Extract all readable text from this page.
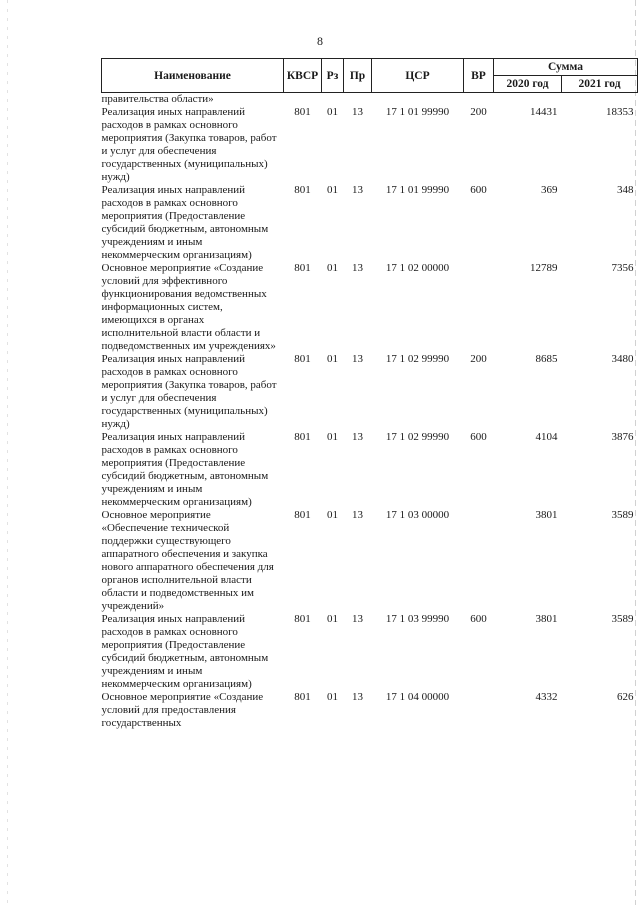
8
Наименование	КВСР	Рз	Пр	ЦСР	ВР	Сумма	
						2020 год	2021 год
правительства области»							
Реализация иных направлений расходов в рамках основного мероприятия (Закупка товаров, работ и услуг для обеспечения государственных (муниципальных) нужд)	801	01	13	17 1 01 99990	200	14431	18353
Реализация иных направлений расходов в рамках основного мероприятия (Предоставление субсидий бюджетным, автономным учреждениям и иным некоммерческим организациям)	801	01	13	17 1 01 99990	600	369	348
Основное мероприятие «Создание условий для эффективного функционирования ведомственных информационных систем, имеющихся в органах исполнительной власти области и подведомственных им учреждениях»	801	01	13	17 1 02 00000		12789	7356
Реализация иных направлений расходов в рамках основного мероприятия (Закупка товаров, работ и услуг для обеспечения государственных (муниципальных) нужд)	801	01	13	17 1 02 99990	200	8685	3480
Реализация иных направлений расходов в рамках основного мероприятия (Предоставление субсидий бюджетным, автономным учреждениям и иным некоммерческим организациям)	801	01	13	17 1 02 99990	600	4104	3876
Основное мероприятие «Обеспечение технической поддержки существующего аппаратного обеспечения и закупка нового аппаратного обеспечения для органов исполнительной власти области и подведомственных им учреждений»	801	01	13	17 1 03 00000		3801	3589
Реализация иных направлений расходов в рамках основного мероприятия (Предоставление субсидий бюджетным, автономным учреждениям и иным некоммерческим организациям)	801	01	13	17 1 03 99990	600	3801	3589
Основное мероприятие «Создание условий для предоставления государственных	801	01	13	17 1 04 00000		4332	626
